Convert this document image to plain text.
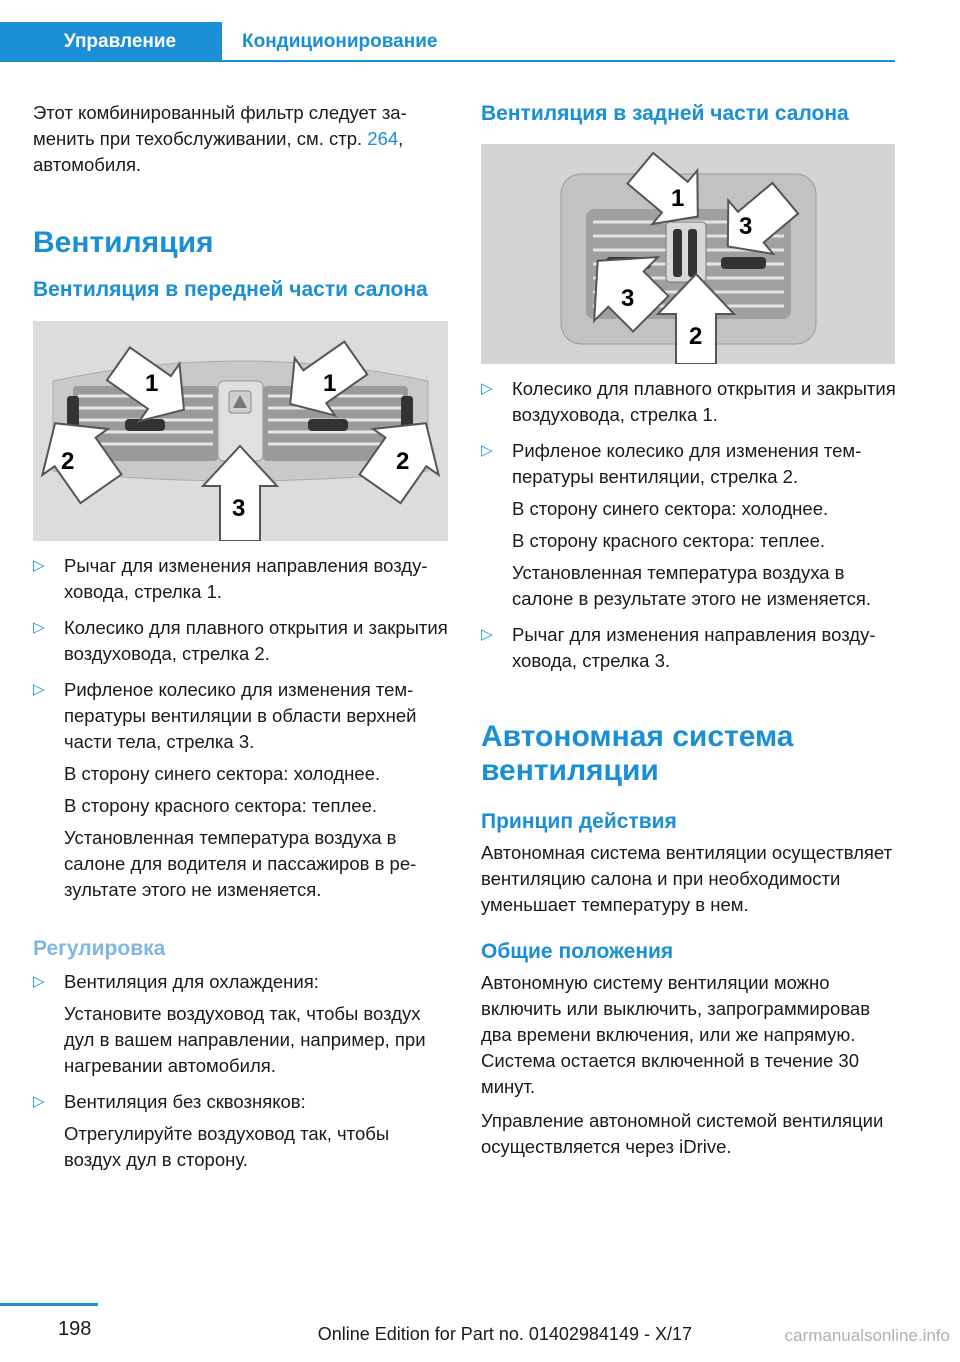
Управление	Кондиционирование

Этот комбинированный фильтр следует заменить при техобслуживании, см. стр. 264, автомобиля.

Вентиляция
Вентиляция в передней части салона
1	1
2	2
3
▷ Рычаг для изменения направления воздуховода, стрелка 1.

▷ Колесико для плавного открытия и закрытия воздуховода, стрелка 2.

▷ Рифленое колесико для изменения температуры вентиляции в области верхней части тела, стрелка 3.

В сторону синего сектора: холоднее.

В сторону красного сектора: теплее.

Установленная температура воздуха в салоне для водителя и пассажиров в результате этого не изменяется.

Регулировка
▷ Вентиляция для охлаждения:

Установите воздуховод так, чтобы воздух дул в вашем направлении, например, при нагревании автомобиля.

▷ Вентиляция без сквозняков:

Отрегулируйте воздуховод так, чтобы воздух дул в сторону.

Вентиляция в задней части салона
1
2
3
3
▷ Колесико для плавного открытия и закрытия воздуховода, стрелка 1.

▷ Рифленое колесико для изменения температуры вентиляции, стрелка 2.

В сторону синего сектора: холоднее.

В сторону красного сектора: теплее.

Установленная температура воздуха в салоне в результате этого не изменяется.

▷ Рычаг для изменения направления воздуховода, стрелка 3.

Автономная система вентиляции
Принцип действия

Автономная система вентиляции осуществляет вентиляцию салона и при необходимости уменьшает температуру в нем.

Общие положения

Автономную систему вентиляции можно включить или выключить, запрограммировав два времени включения, или же напрямую. Система остается включенной в течение 30 минут.

Управление автономной системой вентиляции осуществляется через iDrive.

198	Online Edition for Part no. 01402984149 - X/17	carmanualsonline.info
